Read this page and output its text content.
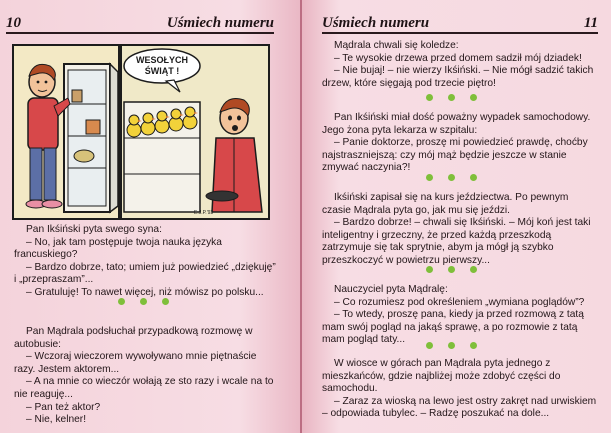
10	Uśmiech numeru
WESOŁYCH
ŚWIĄT !
E.J.P.'93

Pan Ikśiński pyta swego syna:

– No, jak tam postępuje twoja nauka języka francuskiego?

– Bardzo dobrze, tato; umiem już powiedzieć „dziękuję” i „przepraszam”...

– Gratuluję! To nawet więcej, niż mówisz po polsku...

Pan Mądrala podsłuchał przypadkową rozmowę w autobusie:

– Wczoraj wieczorem wywoływano mnie piętnaście razy. Jestem aktorem...

– A na mnie co wieczór wołają ze sto razy i wcale na to nie reaguję...

– Pan też aktor?

– Nie, kelner!

Uśmiech numeru	11

Mądrala chwali się koledze:

– Te wysokie drzewa przed domem sadził mój dziadek!

– Nie bujaj! – nie wierzy Ikśiński. – Nie mógł sadzić takich drzew, które sięgają pod trzecie piętro!

Pan Ikśiński miał dość poważny wypadek samochodowy. Jego żona pyta lekarza w szpitalu:

– Panie doktorze, proszę mi powiedzieć prawdę, choćby najstraszniejszą: czy mój mąż będzie jeszcze w stanie zmywać naczynia?!

Ikśiński zapisał się na kurs jeździectwa. Po pewnym czasie Mądrala pyta go, jak mu się jeździ.

– Bardzo dobrze! – chwali się Ikśiński. – Mój koń jest taki inteligentny i grzeczny, że przed każdą przeszkodą zatrzymuje się tak sprytnie, abym ja mógł ją szybko przeszkoczyć w powietrzu pierwszy...

Nauczyciel pyta Mądralę:

– Co rozumiesz pod określeniem „wymiana poglądów”?

– To wtedy, proszę pana, kiedy ja przed rozmową z tatą mam swój pogląd na jakąś sprawę, a po rozmowie z tatą mam pogląd taty...

W wiosce w górach pan Mądrala pyta jednego z mieszkańców, gdzie najbliżej może zdobyć części do samochodu.

– Zaraz za wioską na lewo jest ostry zakręt nad urwiskiem – odpowiada tubylec. – Radzę poszukać na dole...
